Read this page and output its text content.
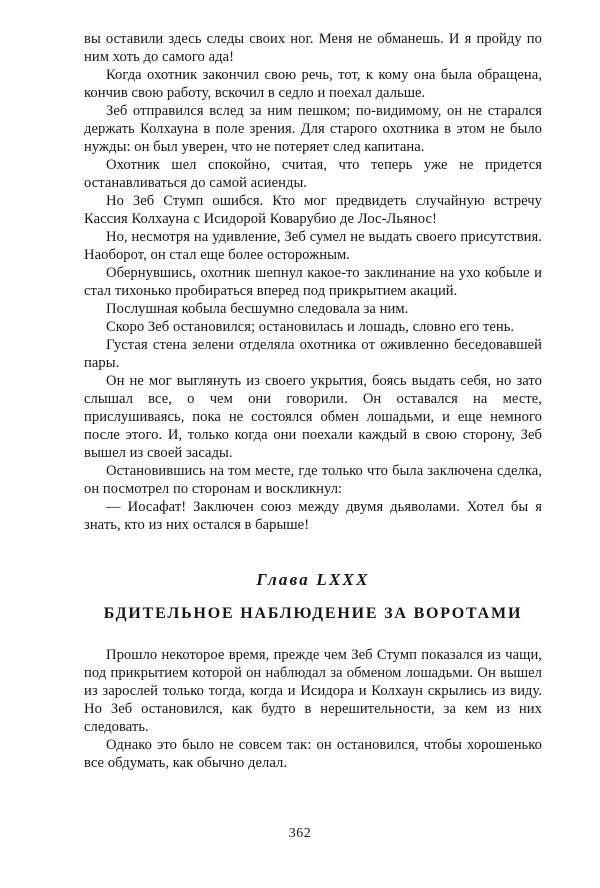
вы оставили здесь следы своих ног. Меня не обманешь. И я пройду по ним хоть до самого ада!

Когда охотник закончил свою речь, тот, к кому она была обращена, кончив свою работу, вскочил в седло и поехал дальше.

Зеб отправился вслед за ним пешком; по-видимому, он не старался держать Колхауна в поле зрения. Для старого охотника в этом не было нужды: он был уверен, что не потеряет след капитана.

Охотник шел спокойно, считая, что теперь уже не придется останавливаться до самой асиенды.

Но Зеб Стумп ошибся. Кто мог предвидеть случайную встречу Кассия Колхауна с Исидорой Коварубио де Лос-Льянос!

Но, несмотря на удивление, Зеб сумел не выдать своего присутствия. Наоборот, он стал еще более осторожным.

Обернувшись, охотник шепнул какое-то заклинание на ухо кобыле и стал тихонько пробираться вперед под прикрытием акаций.

Послушная кобыла бесшумно следовала за ним.

Скоро Зеб остановился; остановилась и лошадь, словно его тень.

Густая стена зелени отделяла охотника от оживленно беседовавшей пары.

Он не мог выглянуть из своего укрытия, боясь выдать себя, но зато слышал все, о чем они говорили. Он оставался на месте, прислушиваясь, пока не состоялся обмен лошадьми, и еще немного после этого. И, только когда они поехали каждый в свою сторону, Зеб вышел из своей засады.

Остановившись на том месте, где только что была заключена сделка, он посмотрел по сторонам и воскликнул:

— Иосафат! Заключен союз между двумя дьяволами. Хотел бы я знать, кто из них остался в барыше!

Глава LXXX
БДИТЕЛЬНОЕ НАБЛЮДЕНИЕ ЗА ВОРОТАМИ

Прошло некоторое время, прежде чем Зеб Стумп показался из чащи, под прикрытием которой он наблюдал за обменом лошадьми. Он вышел из зарослей только тогда, когда и Исидора и Колхаун скрылись из виду. Но Зеб остановился, как будто в нерешительности, за кем из них следовать.

Однако это было не совсем так: он остановился, чтобы хорошенько все обдумать, как обычно делал.

362
